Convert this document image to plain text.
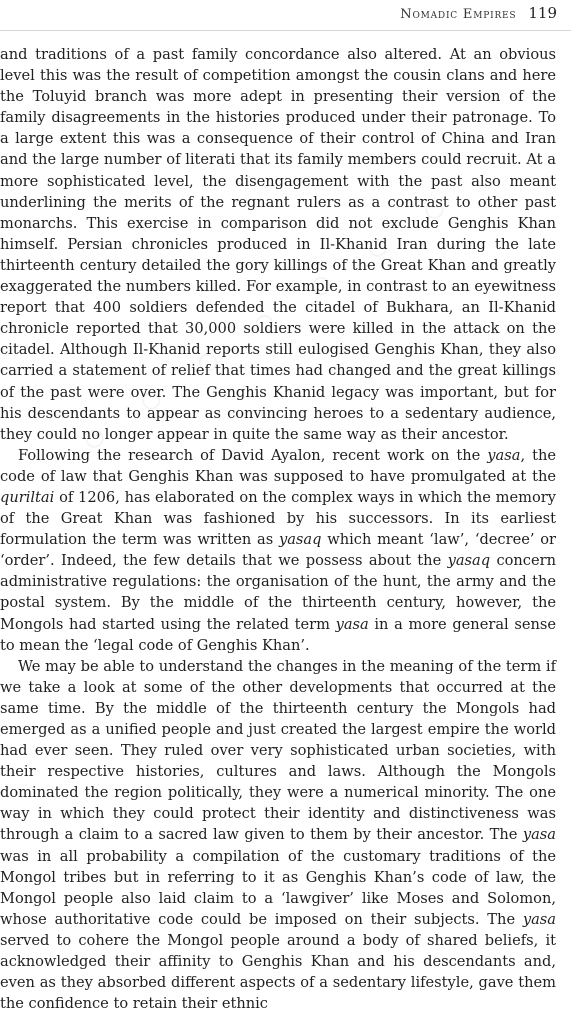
Nomadic Empires 119

and traditions of a past family concordance also altered. At an obvious level this was the result of competition amongst the cousin clans and here the Toluyid branch was more adept in presenting their version of the family disagreements in the histories produced under their patronage. To a large extent this was a consequence of their control of China and Iran and the large number of literati that its family members could recruit. At a more sophisticated level, the disengagement with the past also meant underlining the merits of the regnant rulers as a contrast to other past monarchs. This exercise in comparison did not exclude Genghis Khan himself. Persian chronicles produced in Il-Khanid Iran during the late thirteenth century detailed the gory killings of the Great Khan and greatly exaggerated the numbers killed. For example, in contrast to an eyewitness report that 400 soldiers defended the citadel of Bukhara, an Il-Khanid chronicle reported that 30,000 soldiers were killed in the attack on the citadel. Although Il-Khanid reports still eulogised Genghis Khan, they also carried a statement of relief that times had changed and the great killings of the past were over. The Genghis Khanid legacy was important, but for his descendants to appear as convincing heroes to a sedentary audience, they could no longer appear in quite the same way as their ancestor.

Following the research of David Ayalon, recent work on the yasa, the code of law that Genghis Khan was supposed to have promulgated at the quriltai of 1206, has elaborated on the complex ways in which the memory of the Great Khan was fashioned by his successors. In its earliest formulation the term was written as yasaq which meant ‘law’, ‘decree’ or ‘order’. Indeed, the few details that we possess about the yasaq concern administrative regulations: the organisation of the hunt, the army and the postal system. By the middle of the thirteenth century, however, the Mongols had started using the related term yasa in a more general sense to mean the ‘legal code of Genghis Khan’.

We may be able to understand the changes in the meaning of the term if we take a look at some of the other developments that occurred at the same time. By the middle of the thirteenth century the Mongols had emerged as a unified people and just created the largest empire the world had ever seen. They ruled over very sophisticated urban societies, with their respective histories, cultures and laws. Although the Mongols dominated the region politically, they were a numerical minority. The one way in which they could protect their identity and distinctiveness was through a claim to a sacred law given to them by their ancestor. The yasa was in all probability a compilation of the customary traditions of the Mongol tribes but in referring to it as Genghis Khan’s code of law, the Mongol people also laid claim to a ‘lawgiver’ like Moses and Solomon, whose authoritative code could be imposed on their subjects. The yasa served to cohere the Mongol people around a body of shared beliefs, it acknowledged their affinity to Genghis Khan and his descendants and, even as they absorbed different aspects of a sedentary lifestyle, gave them the confidence to retain their ethnic
